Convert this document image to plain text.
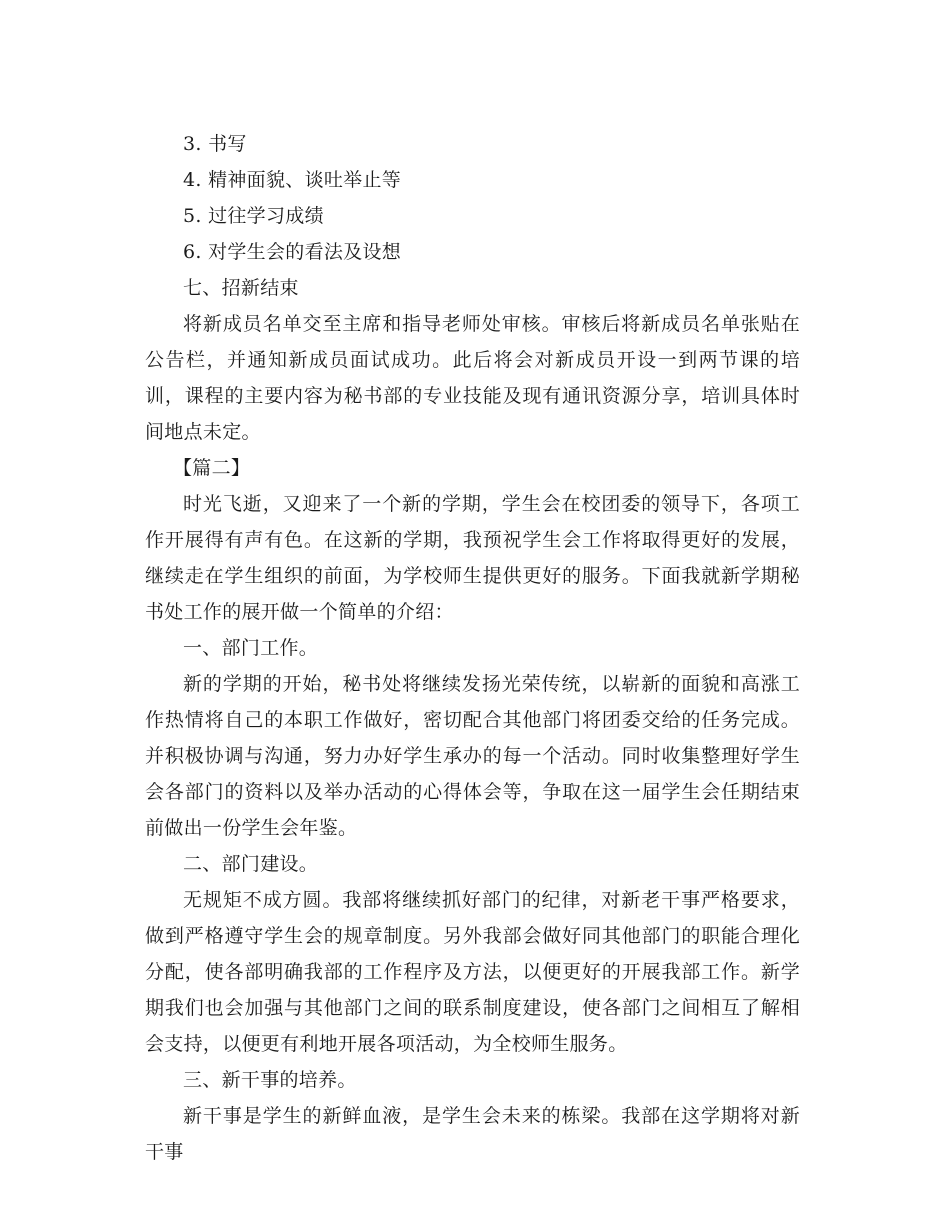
3. 书写

4. 精神面貌、谈吐举止等

5. 过往学习成绩

6. 对学生会的看法及设想

七、招新结束

将新成员名单交至主席和指导老师处审核。审核后将新成员名单张贴在公告栏，并通知新成员面试成功。此后将会对新成员开设一到两节课的培训，课程的主要内容为秘书部的专业技能及现有通讯资源分享，培训具体时间地点未定。

【篇二】

时光飞逝，又迎来了一个新的学期，学生会在校团委的领导下，各项工作开展得有声有色。在这新的学期，我预祝学生会工作将取得更好的发展，继续走在学生组织的前面，为学校师生提供更好的服务。下面我就新学期秘书处工作的展开做一个简单的介绍：

一、部门工作。

新的学期的开始，秘书处将继续发扬光荣传统，以崭新的面貌和高涨工作热情将自己的本职工作做好，密切配合其他部门将团委交给的任务完成。并积极协调与沟通，努力办好学生承办的每一个活动。同时收集整理好学生会各部门的资料以及举办活动的心得体会等，争取在这一届学生会任期结束前做出一份学生会年鉴。

二、部门建设。

无规矩不成方圆。我部将继续抓好部门的纪律，对新老干事严格要求，做到严格遵守学生会的规章制度。另外我部会做好同其他部门的职能合理化分配，使各部明确我部的工作程序及方法，以便更好的开展我部工作。新学期我们也会加强与其他部门之间的联系制度建设，使各部门之间相互了解相会支持，以便更有利地开展各项活动，为全校师生服务。

三、新干事的培养。

新干事是学生的新鲜血液，是学生会未来的栋梁。我部在这学期将对新干事
